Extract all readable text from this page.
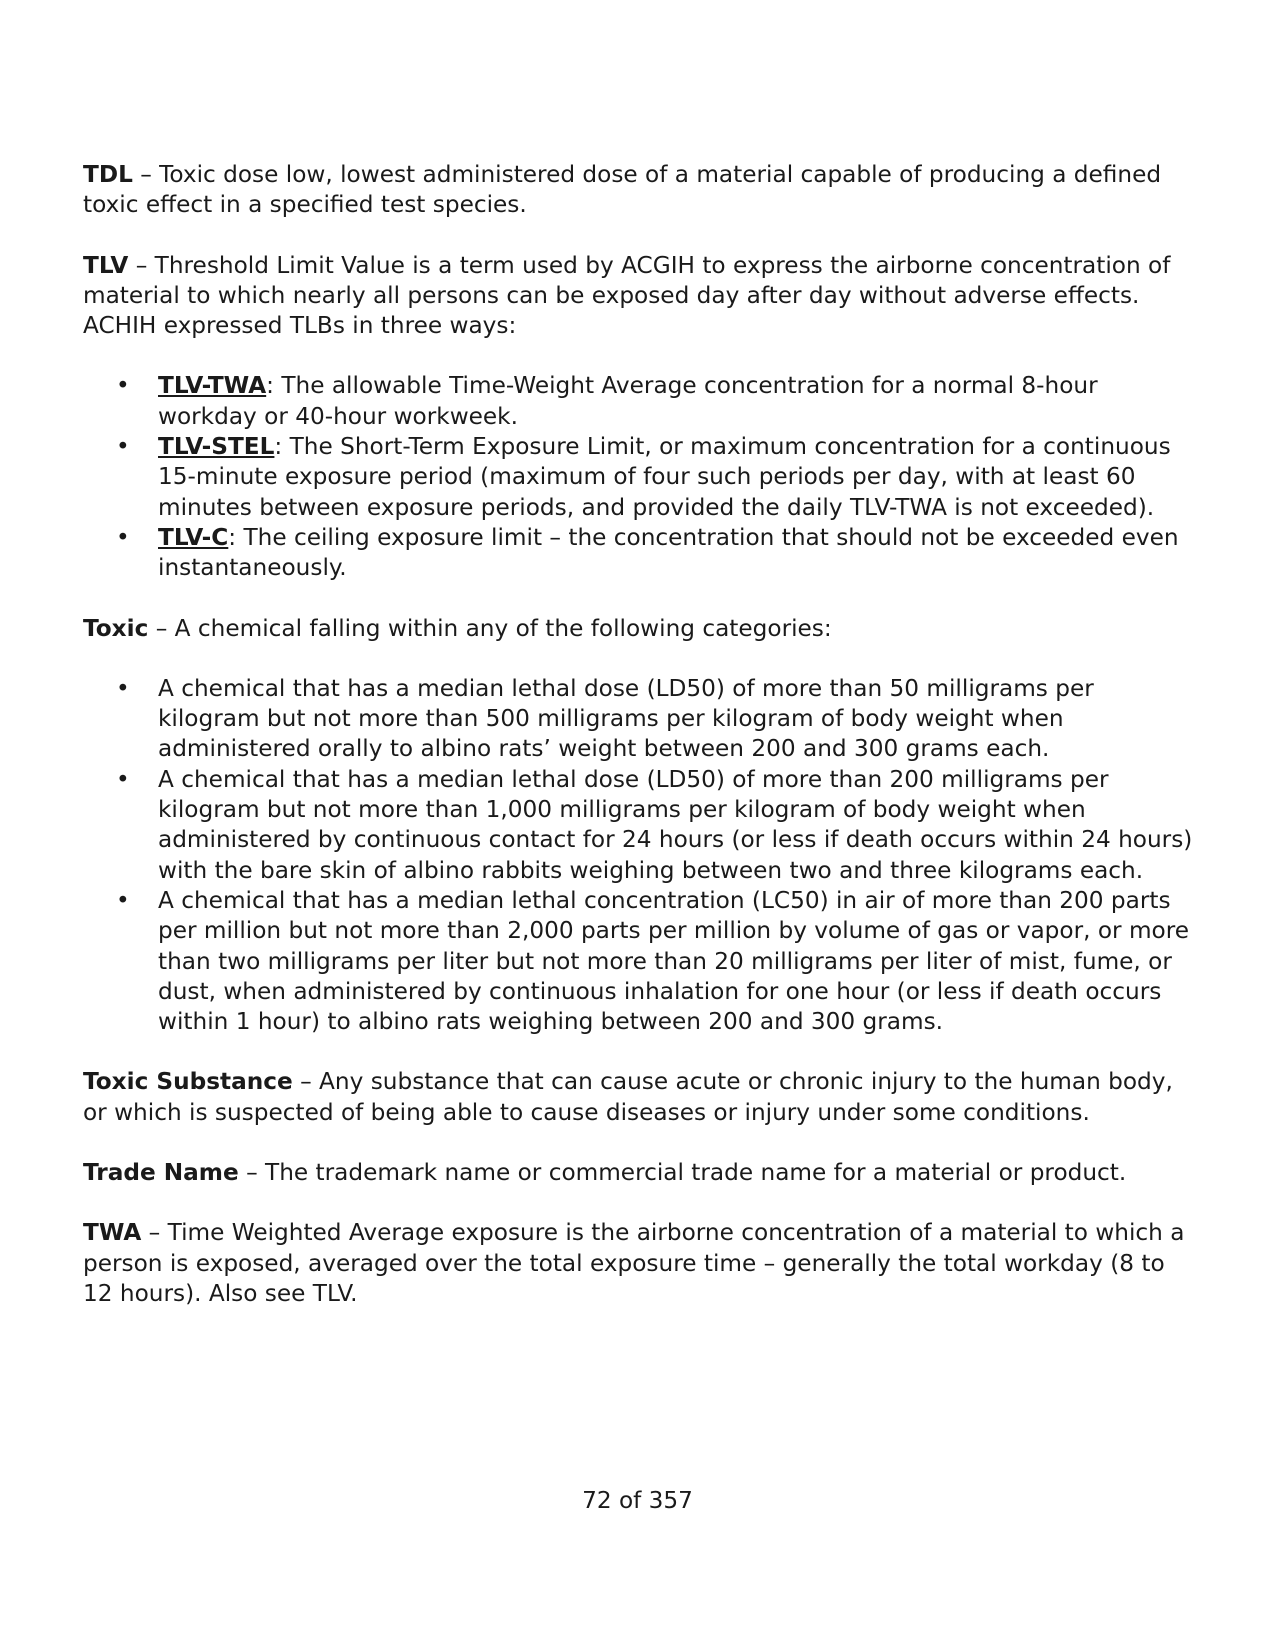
TDL – Toxic dose low, lowest administered dose of a material capable of producing a defined toxic effect in a specified test species.

TLV – Threshold Limit Value is a term used by ACGIH to express the airborne concentration of material to which nearly all persons can be exposed day after day without adverse effects. ACHIH expressed TLBs in three ways:

• TLV-TWA: The allowable Time-Weight Average concentration for a normal 8-hour workday or 40-hour workweek.
• TLV-STEL: The Short-Term Exposure Limit, or maximum concentration for a continuous 15-minute exposure period (maximum of four such periods per day, with at least 60 minutes between exposure periods, and provided the daily TLV-TWA is not exceeded).
• TLV-C: The ceiling exposure limit – the concentration that should not be exceeded even instantaneously.

Toxic – A chemical falling within any of the following categories:

• A chemical that has a median lethal dose (LD50) of more than 50 milligrams per kilogram but not more than 500 milligrams per kilogram of body weight when administered orally to albino rats’ weight between 200 and 300 grams each.
• A chemical that has a median lethal dose (LD50) of more than 200 milligrams per kilogram but not more than 1,000 milligrams per kilogram of body weight when administered by continuous contact for 24 hours (or less if death occurs within 24 hours) with the bare skin of albino rabbits weighing between two and three kilograms each.
• A chemical that has a median lethal concentration (LC50) in air of more than 200 parts per million but not more than 2,000 parts per million by volume of gas or vapor, or more than two milligrams per liter but not more than 20 milligrams per liter of mist, fume, or dust, when administered by continuous inhalation for one hour (or less if death occurs within 1 hour) to albino rats weighing between 200 and 300 grams.

Toxic Substance – Any substance that can cause acute or chronic injury to the human body, or which is suspected of being able to cause diseases or injury under some conditions.

Trade Name – The trademark name or commercial trade name for a material or product.

TWA – Time Weighted Average exposure is the airborne concentration of a material to which a person is exposed, averaged over the total exposure time – generally the total workday (8 to 12 hours). Also see TLV.

72 of 357
